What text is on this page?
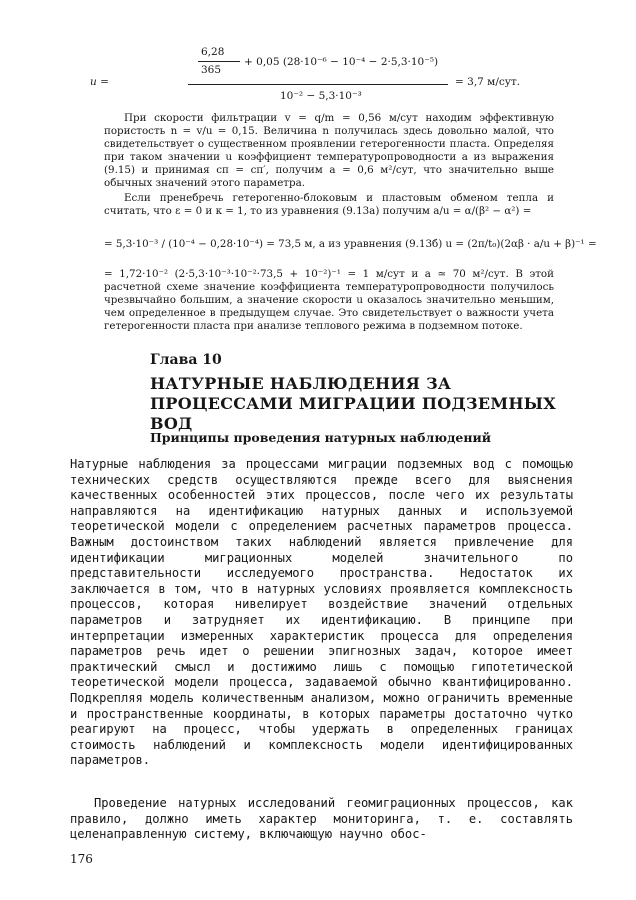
u =
6,28
365
+ 0,05 (28·10⁻⁶ − 10⁻⁴ − 2·5,3·10⁻⁵)
10⁻² − 5,3·10⁻³
= 3,7 м/сут.

При скорости фильтрации v = q/m = 0,56 м/сут находим эффективную пористость n = v/u = 0,15. Величина n получилась здесь довольно малой, что свидетельствует о существенном проявлении гетерогенности пласта. Определяя при таком значении u коэффициент температуропроводности a из выражения (9.15) и принимая cп = cп′, получим a = 0,6 м²/сут, что значительно выше обычных значений этого параметра.

Если пренебречь гетерогенно-блоковым и пластовым обменом тепла и считать, что ε = 0 и κ = 1, то из уравнения (9.13а) получим a/u = α/(β² − α²) =

= 5,3·10⁻³ / (10⁻⁴ − 0,28·10⁻⁴) = 73,5 м, а из уравнения (9.13б) u = (2π/t₀)(2αβ · a/u + β)⁻¹ =

= 1,72·10⁻² (2·5,3·10⁻³·10⁻²·73,5 + 10⁻²)⁻¹ = 1 м/сут и a ≃ 70 м²/сут. В этой расчетной схеме значение коэффициента температуропроводности получилось чрезвычайно большим, а значение скорости u оказалось значительно меньшим, чем определенное в предыдущем случае. Это свидетельствует о важности учета гетерогенности пласта при анализе теплового режима в подземном потоке.

Глава 10
НАТУРНЫЕ НАБЛЮДЕНИЯ ЗА ПРОЦЕССАМИ МИГРАЦИИ ПОДЗЕМНЫХ ВОД
Принципы проведения натурных наблюдений

Натурные наблюдения за процессами миграции подземных вод с помощью технических средств осуществляются прежде всего для выяснения качественных особенностей этих процессов, после чего их результаты направляются на идентификацию натурных данных и используемой теоретической модели с определением расчетных параметров процесса. Важным достоинством таких наблюдений является привлечение для идентификации миграционных моделей значительного по представительности исследуемого пространства. Недостаток их заключается в том, что в натурных условиях проявляется комплексность процессов, которая нивелирует воздействие значений отдельных параметров и затрудняет их идентификацию. В принципе при интерпретации измеренных характеристик процесса для определения параметров речь идет о решении эпигнозных задач, которое имеет практический смысл и достижимо лишь с помощью гипотетической теоретической модели процесса, задаваемой обычно квантифицированно. Подкрепляя модель количественным анализом, можно ограничить временные и пространственные координаты, в которых параметры достаточно чутко реагируют на процесс, чтобы удержать в определенных границах стоимость наблюдений и комплексность модели идентифицированных параметров.

Проведение натурных исследований геомиграционных процессов, как правило, должно иметь характер мониторинга, т. е. составлять целенаправленную систему, включающую научно обос-

176
